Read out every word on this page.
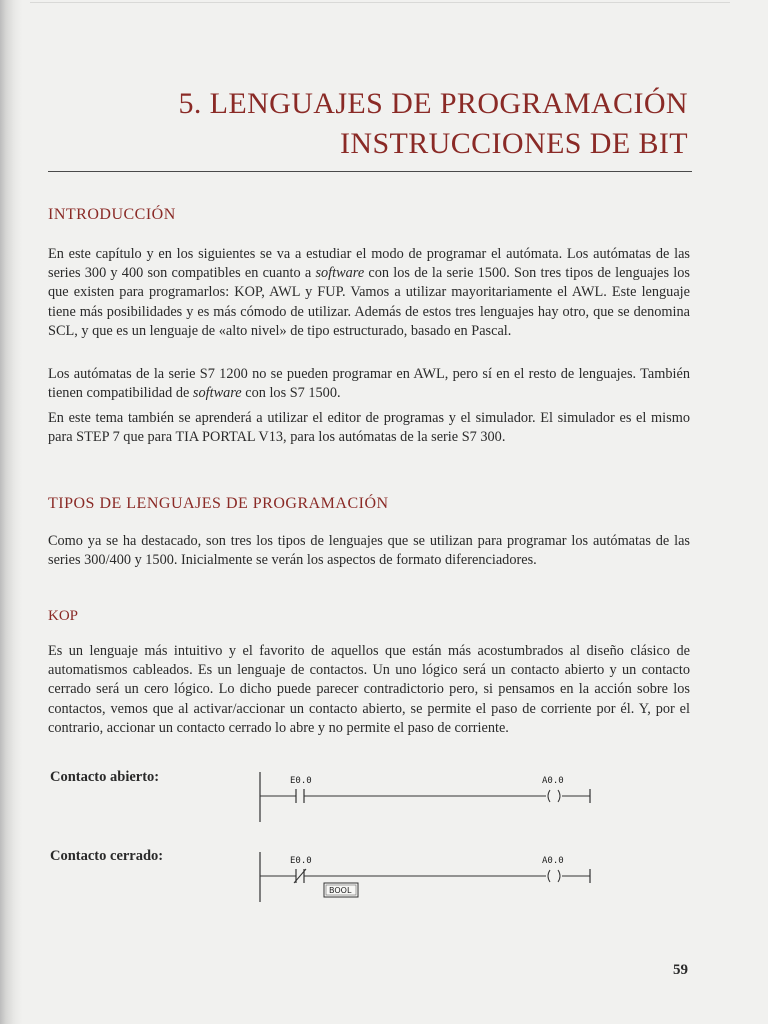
5. LENGUAJES DE PROGRAMACIÓN
INSTRUCCIONES DE BIT
INTRODUCCIÓN

En este capítulo y en los siguientes se va a estudiar el modo de programar el autómata. Los autómatas de las series 300 y 400 son compatibles en cuanto a software con los de la serie 1500. Son tres tipos de lenguajes los que existen para programarlos: KOP, AWL y FUP. Vamos a utilizar mayoritariamente el AWL. Este lenguaje tiene más posibilidades y es más cómodo de utilizar. Además de estos tres lenguajes hay otro, que se denomina SCL, y que es un lenguaje de «alto nivel» de tipo estructurado, basado en Pascal.

Los autómatas de la serie S7 1200 no se pueden programar en AWL, pero sí en el resto de lenguajes. También tienen compatibilidad de software con los S7 1500.

En este tema también se aprenderá a utilizar el editor de programas y el simulador. El simulador es el mismo para STEP 7 que para TIA PORTAL V13, para los autómatas de la serie S7 300.

TIPOS DE LENGUAJES DE PROGRAMACIÓN

Como ya se ha destacado, son tres los tipos de lenguajes que se utilizan para programar los autómatas de las series 300/400 y 1500. Inicialmente se verán los aspectos de formato diferenciadores.

KOP

Es un lenguaje más intuitivo y el favorito de aquellos que están más acostumbrados al diseño clásico de automatismos cableados. Es un lenguaje de contactos. Un uno lógico será un contacto abierto y un contacto cerrado será un cero lógico. Lo dicho puede parecer contradictorio pero, si pensamos en la acción sobre los contactos, vemos que al activar/accionar un contacto abierto, se permite el paso de corriente por él. Y, por el contrario, accionar un contacto cerrado lo abre y no permite el paso de corriente.

Contacto abierto:	E0.0	A0.0
Contacto cerrado:	E0.0	A0.0
BOOL
59
